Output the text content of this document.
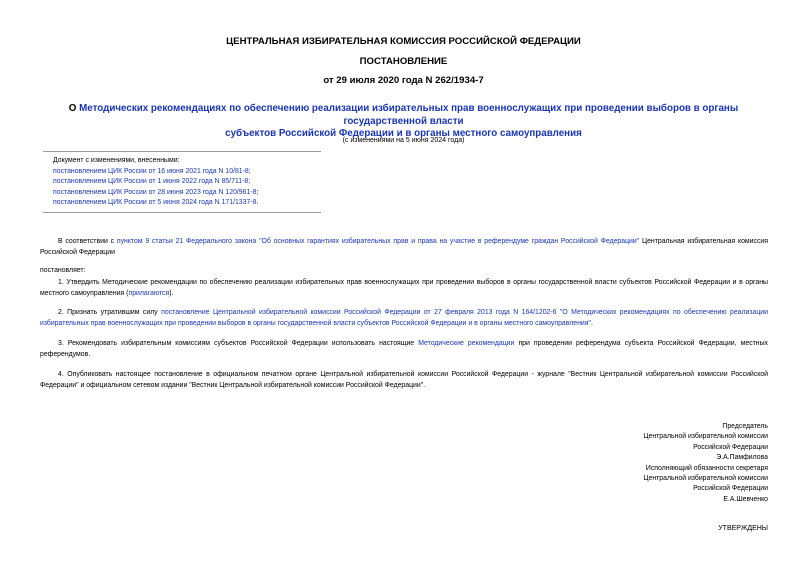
ЦЕНТРАЛЬНАЯ ИЗБИРАТЕЛЬНАЯ КОМИССИЯ РОССИЙСКОЙ ФЕДЕРАЦИИ
ПОСТАНОВЛЕНИЕ
от 29 июля 2020 года N 262/1934-7
О Методических рекомендациях по обеспечению реализации избирательных прав военнослужащих при проведении выборов в органы государственной власти
субъектов Российской Федерации и в органы местного самоуправления
(с изменениями на 5 июня 2024 года)
Документ с изменениями, внесенными:
постановлением ЦИК России от 16 июня 2021 года N 10/81-8;
постановлением ЦИК России от 1 июня 2022 года N 85/711-8;
постановлением ЦИК России от 28 июня 2023 года N 120/961-8;
постановлением ЦИК России от 5 июня 2024 года N 171/1337-8.
В соответствии с пунктом 9 статьи 21 Федерального закона "Об основных гарантиях избирательных прав и права на участие в референдуме граждан Российской Федерации" Центральная избирательная комиссия Российской Федерации
постановляет:
1. Утвердить Методические рекомендации по обеспечению реализации избирательных прав военнослужащих при проведении выборов в органы государственной власти субъектов Российской Федерации и в органы местного самоуправления (прилагаются).
2. Признать утратившим силу постановление Центральной избирательной комиссии Российской Федерации от 27 февраля 2013 года N 164/1202-6 "О Методических рекомендациях по обеспечению реализации избирательных прав военнослужащих при проведении выборов в органы государственной власти субъектов Российской Федерации и в органы местного самоуправления".
3. Рекомендовать избирательным комиссиям субъектов Российской Федерации использовать настоящие Методические рекомендации при проведении референдума субъекта Российской Федерации, местных референдумов.
4. Опубликовать настоящее постановление в официальном печатном органе Центральной избирательной комиссии Российской Федерации - журнале "Вестник Центральной избирательной комиссии Российской Федерации" и официальном сетевом издании "Вестник Центральной избирательной комиссии Российской Федерации".
Председатель
Центральной избирательной комиссии
Российской Федерации
Э.А.Памфилова
Исполняющий обязанности секретаря
Центральной избирательной комиссии
Российской Федерации
Е.А.Шевченко
УТВЕРЖДЕНЫ
